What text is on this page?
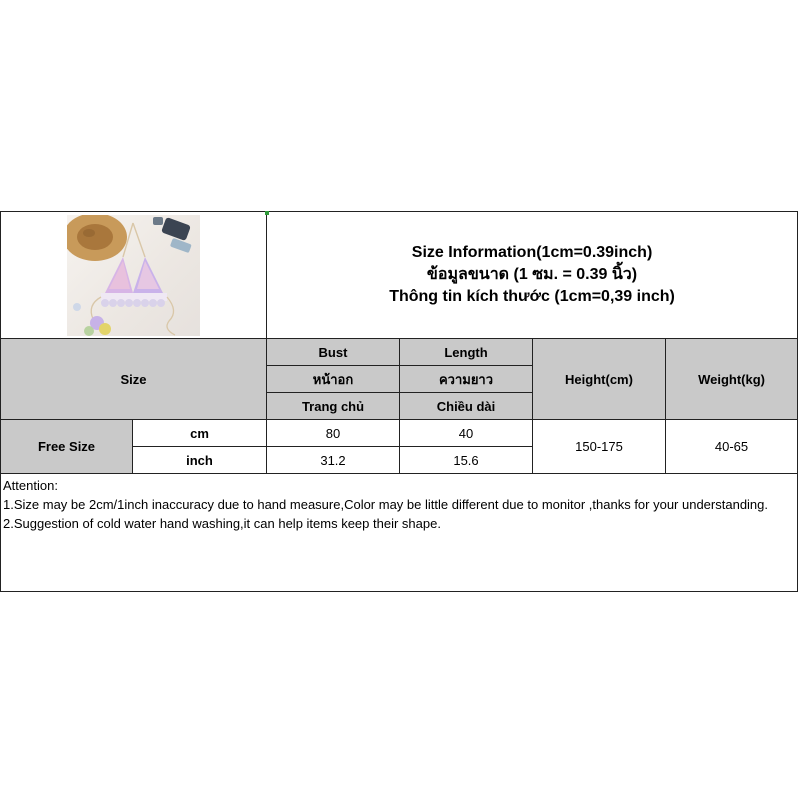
Size Information(1cm=0.39inch)
ข้อมูลขนาด (1 ซม. = 0.39 นิ้ว)
Thông tin kích thước (1cm=0,39 inch)			

Size		Bust	Length	Height(cm)	Weight(kg)
		หน้าอก	ความยาว		
		Trang chủ	Chiều dài		
Free Size	cm	80	40	150-175	40-65
	inch	31.2	15.6		

Attention:
1.Size may be 2cm/1inch inaccuracy due to hand measure,Color may be little different due to monitor ,thanks for your understanding.
2.Suggestion of cold water hand washing,it can help items keep their shape.					
